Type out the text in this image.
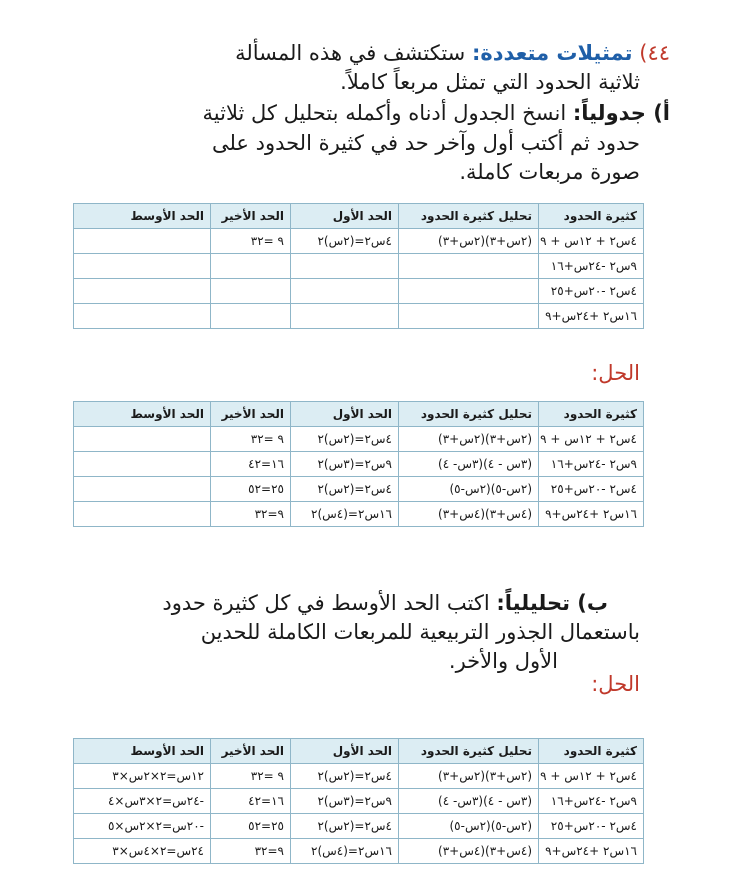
٤٤) تمثيلات متعددة: ستكتشف في هذه المسألة
ثلاثية الحدود التي تمثل مربعاً كاملاً.
أ) جدولياً: انسخ الجدول أدناه وأكمله بتحليل كل ثلاثية
حدود ثم أكتب أول وآخر حد في كثيرة الحدود على
صورة مربعات كاملة.
كثيرة الحدود	تحليل كثيرة الحدود	الحد الأول	الحد الأخير	الحد الأوسط
٤س٢ + ١٢س + ٩	(٢س+٣)(٢س+٣)	٤س٢=(٢س)٢	٩ =٣٢	
٩س٢ -٢٤س+١٦				
٤س٢ -٢٠س+٢٥				
١٦س٢ +٢٤س+٩				
الحل:
كثيرة الحدود	تحليل كثيرة الحدود	الحد الأول	الحد الأخير	الحد الأوسط
٤س٢ + ١٢س + ٩	(٢س+٣)(٢س+٣)	٤س٢=(٢س)٢	٩ =٣٢	
٩س٢ -٢٤س+١٦	(٣س - ٤)(٣س- ٤)	٩س٢=(٣س)٢	١٦=٤٢	
٤س٢ -٢٠س+٢٥	(٢س-٥)(٢س-٥)	٤س٢=(٢س)٢	٢٥=٥٢	
١٦س٢ +٢٤س+٩	(٤س+٣)(٤س+٣)	١٦س٢=(٤س)٢	٩=٣٢	
ب) تحليلياً: اكتب الحد الأوسط في كل كثيرة حدود
باستعمال الجذور التربيعية للمربعات الكاملة للحدين
الأول والأخر.
الحل:
كثيرة الحدود	تحليل كثيرة الحدود	الحد الأول	الحد الأخير	الحد الأوسط
٤س٢ + ١٢س + ٩	(٢س+٣)(٢س+٣)	٤س٢=(٢س)٢	٩ =٣٢	١٢س=٢×٢س×٣
٩س٢ -٢٤س+١٦	(٣س - ٤)(٣س- ٤)	٩س٢=(٣س)٢	١٦=٤٢	-٢٤س=٢×٣س×٤
٤س٢ -٢٠س+٢٥	(٢س-٥)(٢س-٥)	٤س٢=(٢س)٢	٢٥=٥٢	-٢٠س=٢×٢س×٥
١٦س٢ +٢٤س+٩	(٤س+٣)(٤س+٣)	١٦س٢=(٤س)٢	٩=٣٢	٢٤س=٢×٤س×٣
